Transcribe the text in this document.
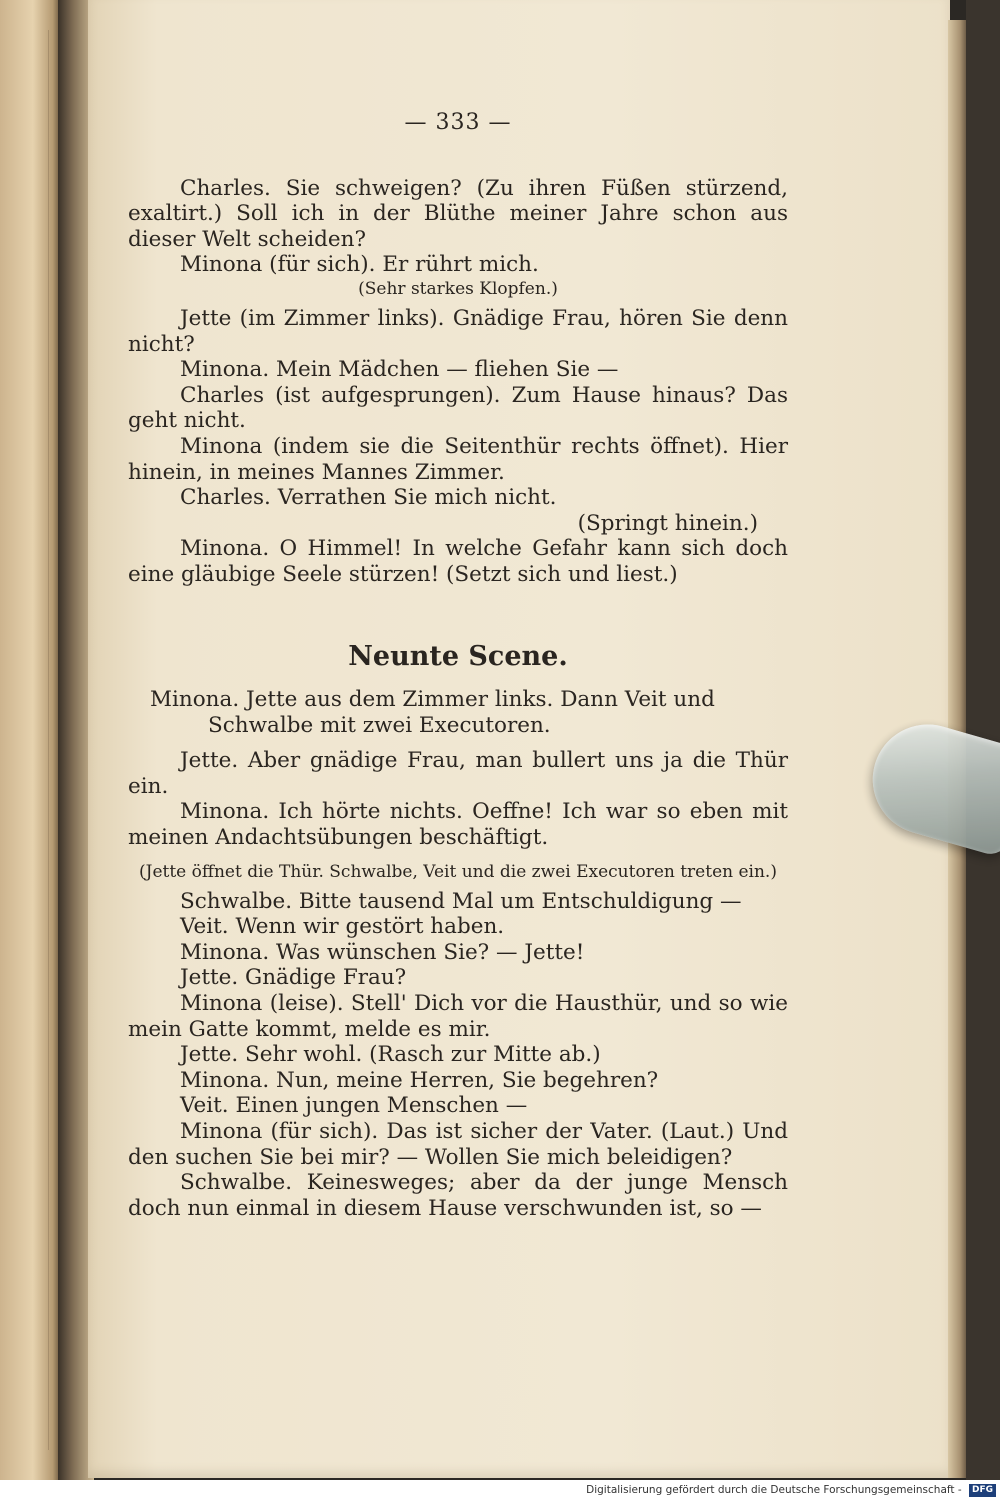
— 333 —

Charles. Sie schweigen? (Zu ihren Füßen stürzend, exaltirt.) Soll ich in der Blüthe meiner Jahre schon aus dieser Welt scheiden?

Minona (für sich). Er rührt mich.

(Sehr starkes Klopfen.)

Jette (im Zimmer links). Gnädige Frau, hören Sie denn nicht?

Minona. Mein Mädchen — fliehen Sie —

Charles (ist aufgesprungen). Zum Hause hinaus? Das geht nicht.

Minona (indem sie die Seitenthür rechts öffnet). Hier hinein, in meines Mannes Zimmer.

Charles. Verrathen Sie mich nicht.

(Springt hinein.)

Minona. O Himmel! In welche Gefahr kann sich doch eine gläubige Seele stürzen! (Setzt sich und liest.)

Neunte Scene.

Minona. Jette aus dem Zimmer links. Dann Veit und Schwalbe mit zwei Executoren.

Jette. Aber gnädige Frau, man bullert uns ja die Thür ein.

Minona. Ich hörte nichts. Oeffne! Ich war so eben mit meinen Andachtsübungen beschäftigt.

(Jette öffnet die Thür. Schwalbe, Veit und die zwei Executoren treten ein.)

Schwalbe. Bitte tausend Mal um Entschuldigung —

Veit. Wenn wir gestört haben.

Minona. Was wünschen Sie? — Jette!

Jette. Gnädige Frau?

Minona (leise). Stell' Dich vor die Hausthür, und so wie mein Gatte kommt, melde es mir.

Jette. Sehr wohl. (Rasch zur Mitte ab.)

Minona. Nun, meine Herren, Sie begehren?

Veit. Einen jungen Menschen —

Minona (für sich). Das ist sicher der Vater. (Laut.) Und den suchen Sie bei mir? — Wollen Sie mich beleidigen?

Schwalbe. Keinesweges; aber da der junge Mensch doch nun einmal in diesem Hause verschwunden ist, so —

Digitalisierung gefördert durch die Deutsche Forschungsgemeinschaft - DFG
